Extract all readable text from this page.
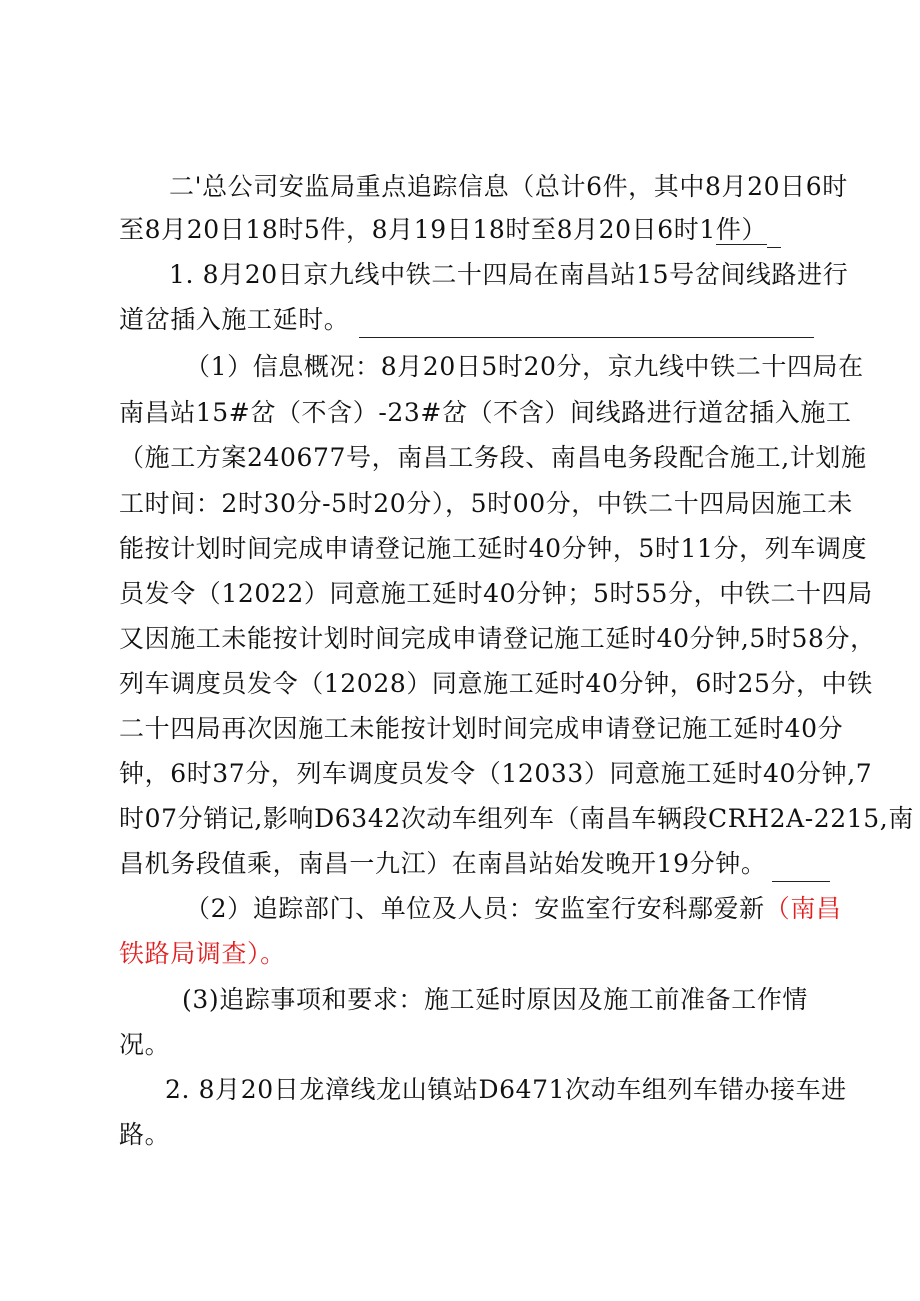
二'总公司安监局重点追踪信息（总计6件，其中8月20日6时
至8月20日18时5件，8月19日18时至8月20日6时1件）
1. 8月20日京九线中铁二十四局在南昌站15号岔间线路进行
道岔插入施工延时。
（1）信息概况：8月20日5时20分，京九线中铁二十四局在
南昌站15#岔（不含）-23#岔（不含）间线路进行道岔插入施工
（施工方案240677号，南昌工务段、南昌电务段配合施工,计划施
工时间：2时30分-5时20分），5时00分，中铁二十四局因施工未
能按计划时间完成申请登记施工延时40分钟，5时11分，列车调度
员发令（12022）同意施工延时40分钟；5时55分，中铁二十四局
又因施工未能按计划时间完成申请登记施工延时40分钟,5时58分，
列车调度员发令（12028）同意施工延时40分钟，6时25分，中铁
二十四局再次因施工未能按计划时间完成申请登记施工延时40分
钟，6时37分，列车调度员发令（12033）同意施工延时40分钟,7
时07分销记,影响D6342次动车组列车（南昌车辆段CRH2A-2215,南
昌机务段值乘，南昌一九江）在南昌站始发晚开19分钟。
（2）追踪部门、单位及人员：安监室行安科鄢爱新（南昌
铁路局调查）。
(3)追踪事项和要求：施工延时原因及施工前准备工作情
况。
2. 8月20日龙漳线龙山镇站D6471次动车组列车错办接车进
路。
